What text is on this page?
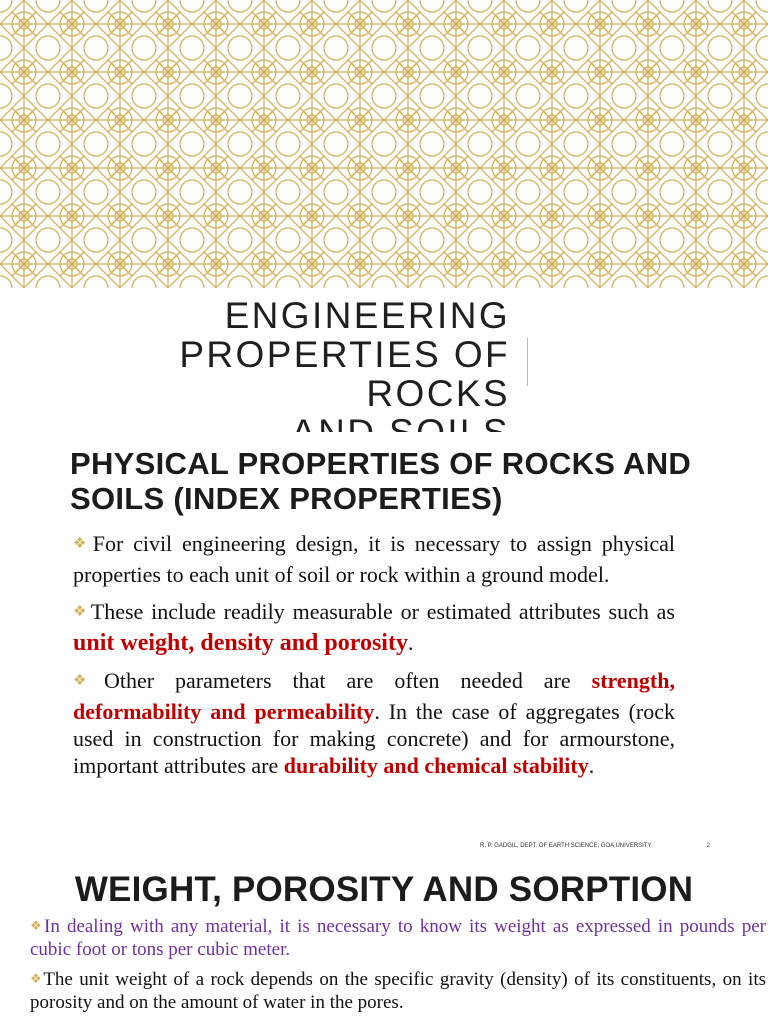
ENGINEERING
PROPERTIES OF ROCKS
PHYSICAL PROPERTIES OF ROCKS AND
SOILS (INDEX PROPERTIES)

❖For civil engineering design, it is necessary to assign physical properties to each unit of soil or rock within a ground model.

❖These include readily measurable or estimated attributes such as unit weight, density and porosity.

❖Other parameters that are often needed are strength, deformability and permeability. In the case of aggregates (rock used in construction for making concrete) and for armourstone, important attributes are durability and chemical stability.

R. P. GADGIL, DEPT. OF EARTH SCIENCE, GOA UNIVERSITY	2
WEIGHT, POROSITY AND SORPTION

❖In dealing with any material, it is necessary to know its weight as expressed in pounds per cubic foot or tons per cubic meter.

❖The unit weight of a rock depends on the specific gravity (density) of its constituents, on its porosity and on the amount of water in the pores.
